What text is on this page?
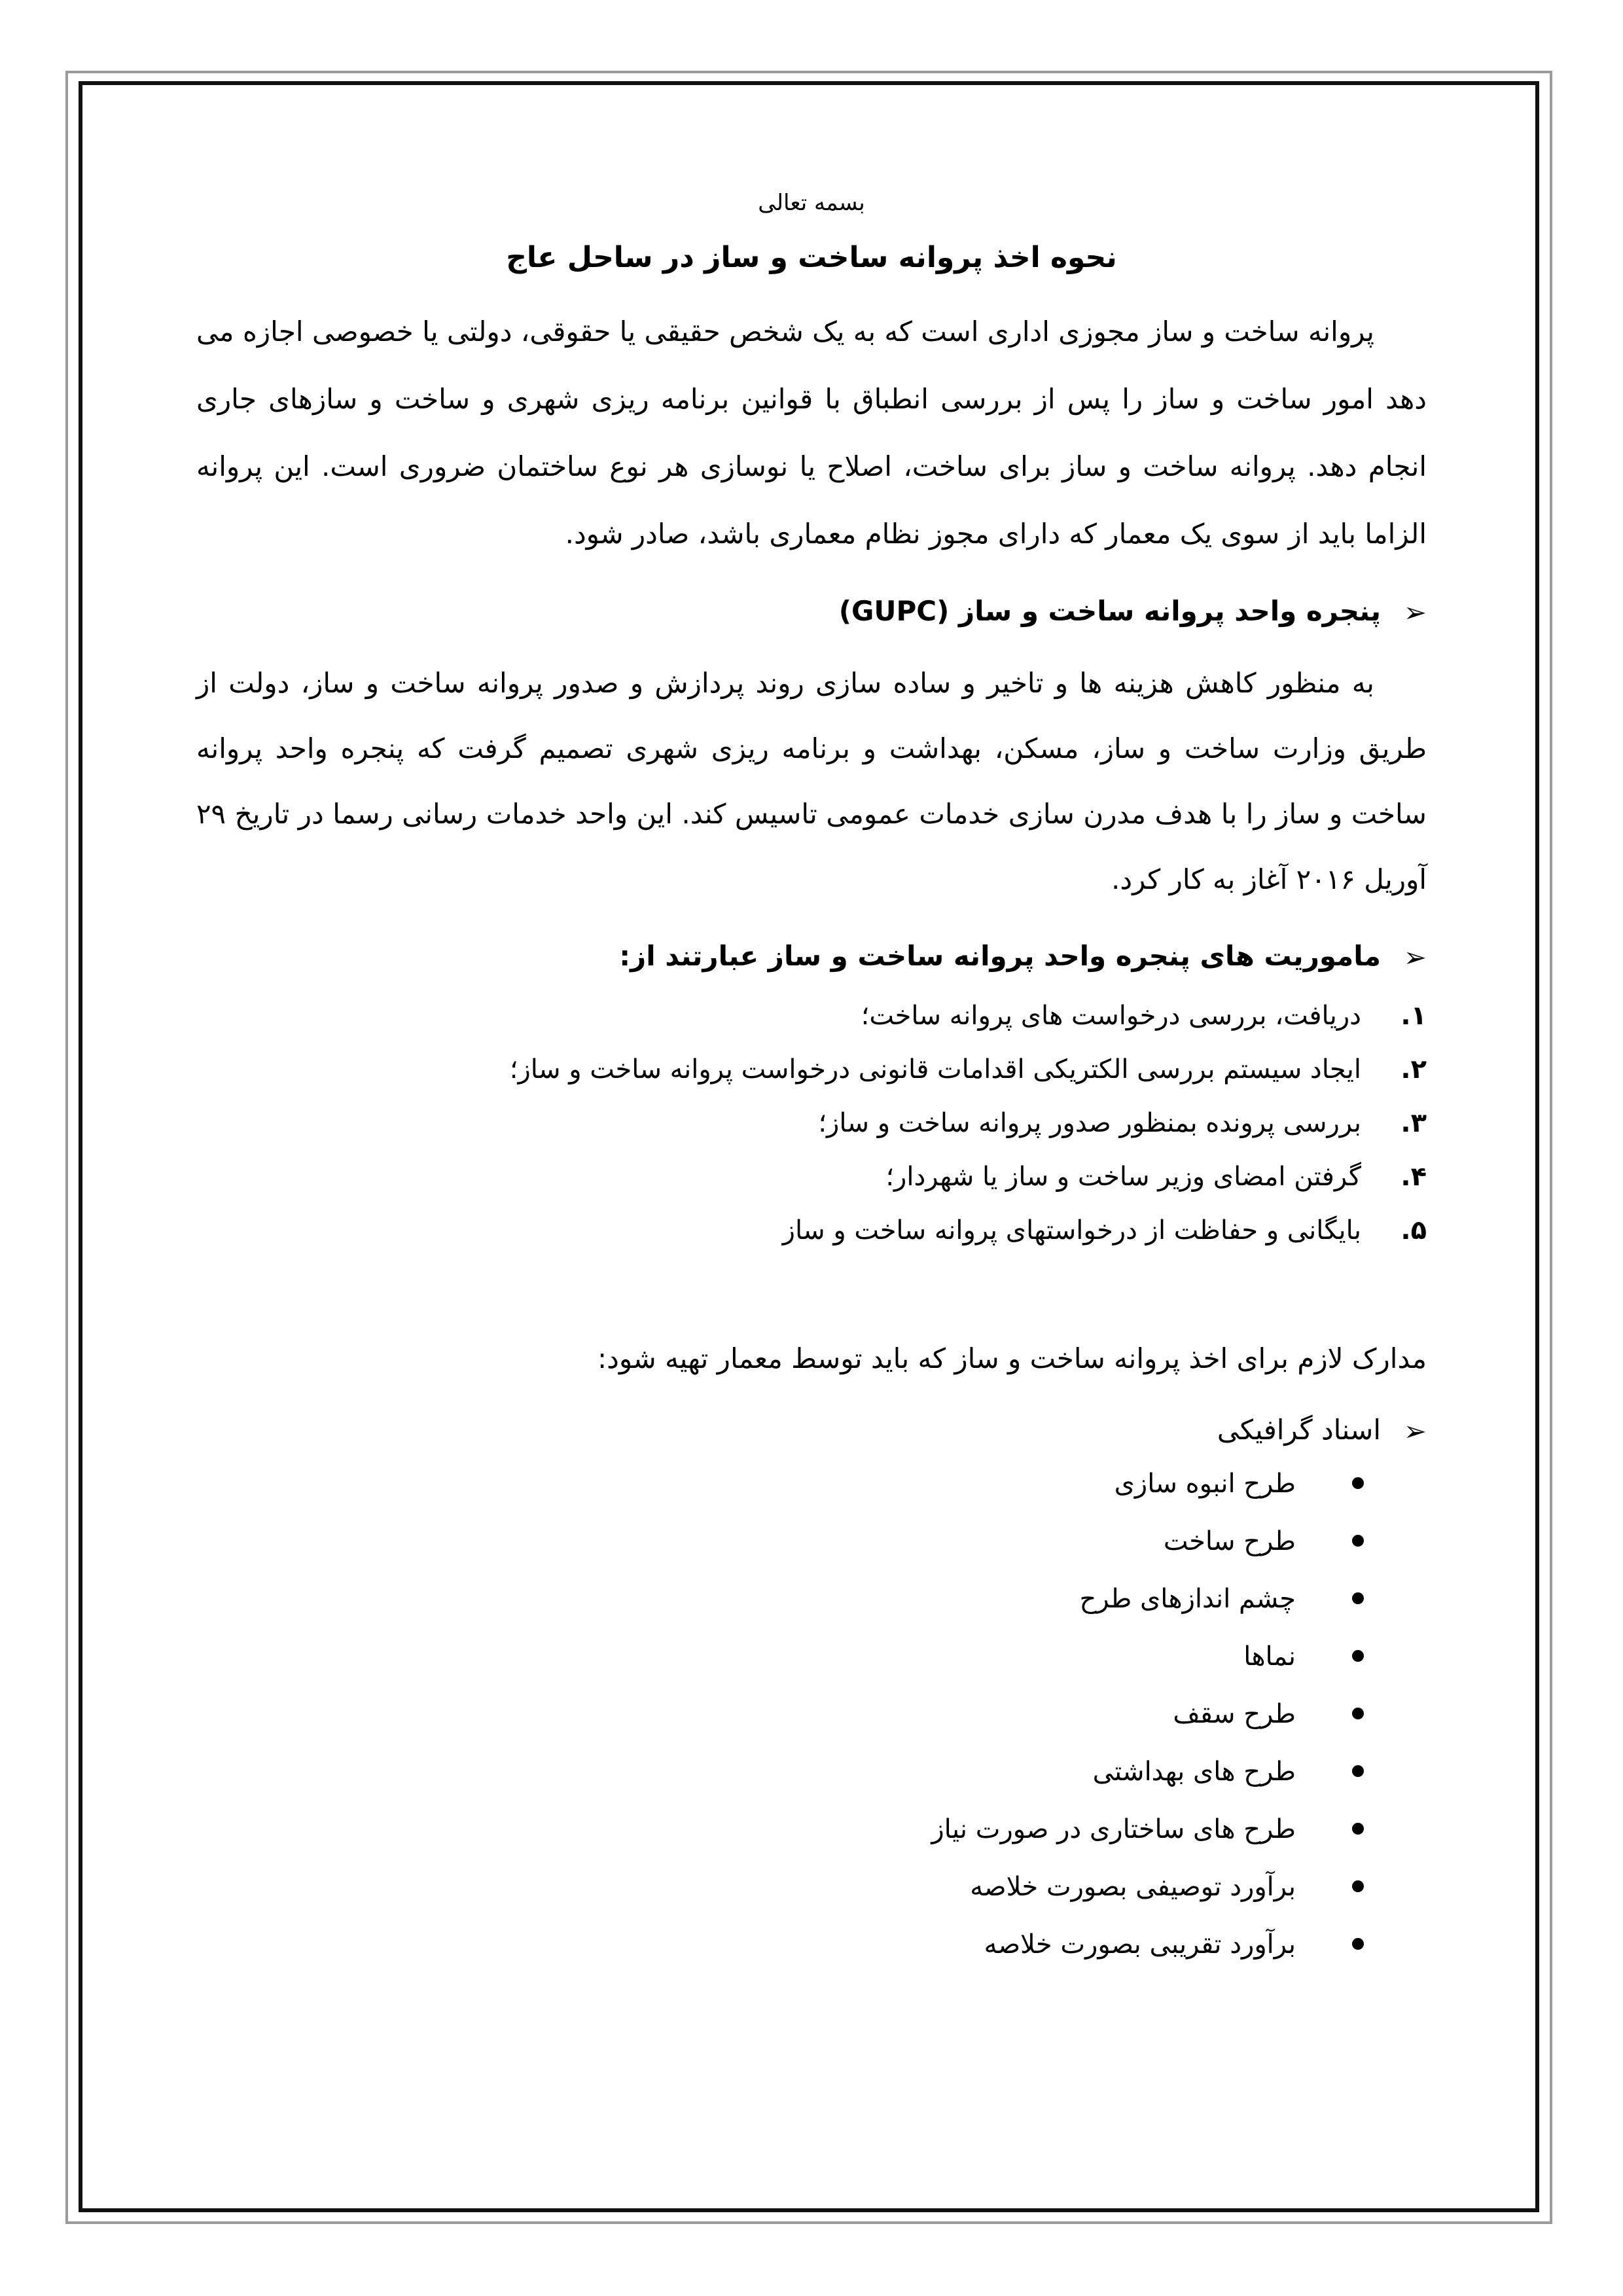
بسمه تعالی
نحوه اخذ پروانه ساخت و ساز در ساحل عاج

پروانه ساخت و ساز مجوزی اداری است که به یک شخص حقیقی یا حقوقی، دولتی یا خصوصی اجازه می دهد امور ساخت و ساز را پس از بررسی انطباق با قوانین برنامه ریزی شهری و ساخت و سازهای جاری انجام دهد. پروانه ساخت و ساز برای ساخت، اصلاح یا نوسازی هر نوع ساختمان ضروری است. این پروانه الزاما باید از سوی یک معمار که دارای مجوز نظام معماری باشد، صادر شود.

➢
پنجره واحد پروانه ساخت و ساز (GUPC)

به منظور کاهش هزینه ها و تاخیر و ساده سازی روند پردازش و صدور پروانه ساخت و ساز، دولت از طریق وزارت ساخت و ساز، مسکن، بهداشت و برنامه ریزی شهری تصمیم گرفت که پنجره واحد پروانه ساخت و ساز را با هدف مدرن سازی خدمات عمومی تاسیس کند. این واحد خدمات رسانی رسما در تاریخ ۲۹ آوریل ۲۰۱۶ آغاز به کار کرد.

➢
ماموریت های پنجره واحد پروانه ساخت و ساز عبارتند از:
۱.
دریافت، بررسی درخواست های پروانه ساخت؛
۲.
ایجاد سیستم بررسی الکتریکی اقدامات قانونی درخواست پروانه ساخت و ساز؛
۳.
بررسی پرونده بمنظور صدور پروانه ساخت و ساز؛
۴.
گرفتن امضای وزیر ساخت و ساز یا شهردار؛
۵.
بایگانی و حفاظت از درخواستهای پروانه ساخت و ساز
مدارک لازم برای اخذ پروانه ساخت و ساز که باید توسط معمار تهیه شود:
➢
اسناد گرافیکی
طرح انبوه سازی
طرح ساخت
چشم اندازهای طرح
نماها
طرح سقف
طرح های بهداشتی
طرح های ساختاری در صورت نیاز
برآورد توصیفی بصورت خلاصه
برآورد تقریبی بصورت خلاصه
